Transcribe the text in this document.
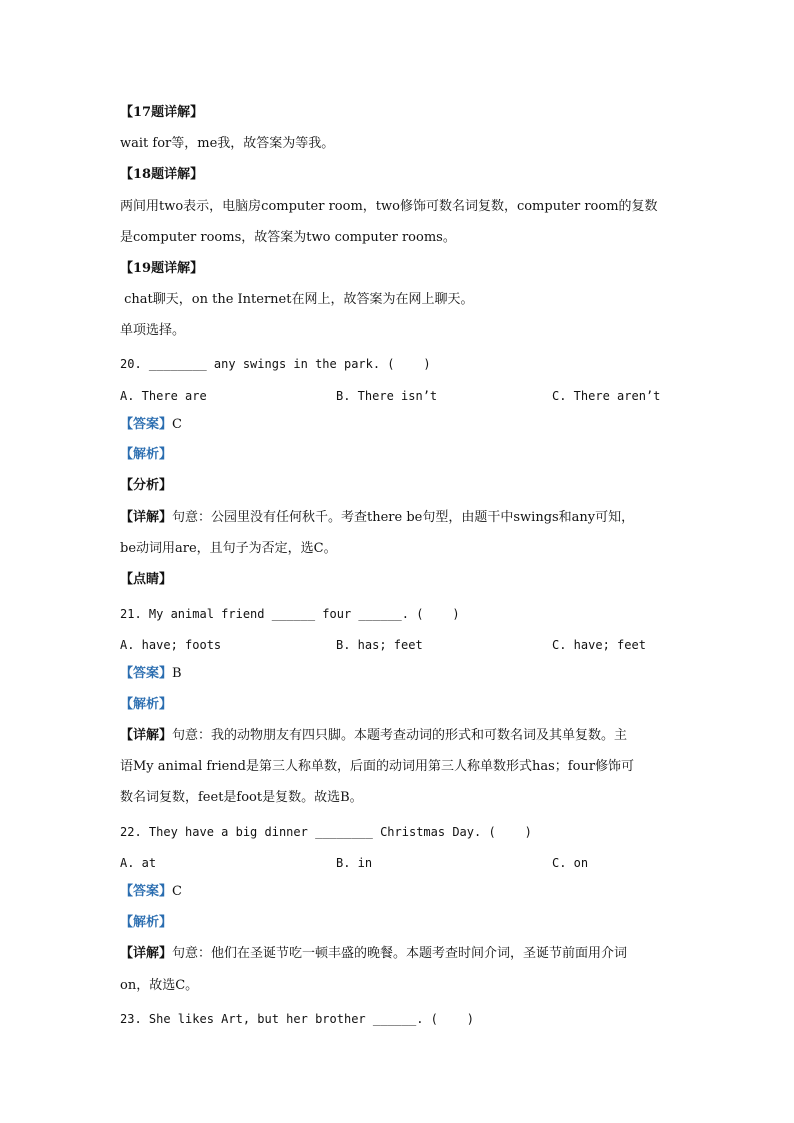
【17题详解】
wait for等，me我，故答案为等我。
【18题详解】
两间用two表示，电脑房computer room，two修饰可数名词复数，computer room的复数
是computer rooms，故答案为two computer rooms。
【19题详解】
chat聊天，on the Internet在网上，故答案为在网上聊天。
单项选择。
20. ________ any swings in the park. (    )
A. There are	B. There isn’t	C. There aren’t
【答案】C
【解析】
【分析】
【详解】句意：公园里没有任何秋千。考查there be句型，由题干中swings和any可知，
be动词用are，且句子为否定，选C。
【点睛】
21. My animal friend ______ four ______. (    )
A. have; foots	B. has; feet	C. have; feet
【答案】B
【解析】
【详解】句意：我的动物朋友有四只脚。本题考查动词的形式和可数名词及其单复数。主
语My animal friend是第三人称单数，后面的动词用第三人称单数形式has；four修饰可
数名词复数，feet是foot是复数。故选B。
22. They have a big dinner ________ Christmas Day. (    )
A. at	B. in	C. on
【答案】C
【解析】
【详解】句意：他们在圣诞节吃一顿丰盛的晚餐。本题考查时间介词，圣诞节前面用介词
on，故选C。
23. She likes Art, but her brother ______. (    )
